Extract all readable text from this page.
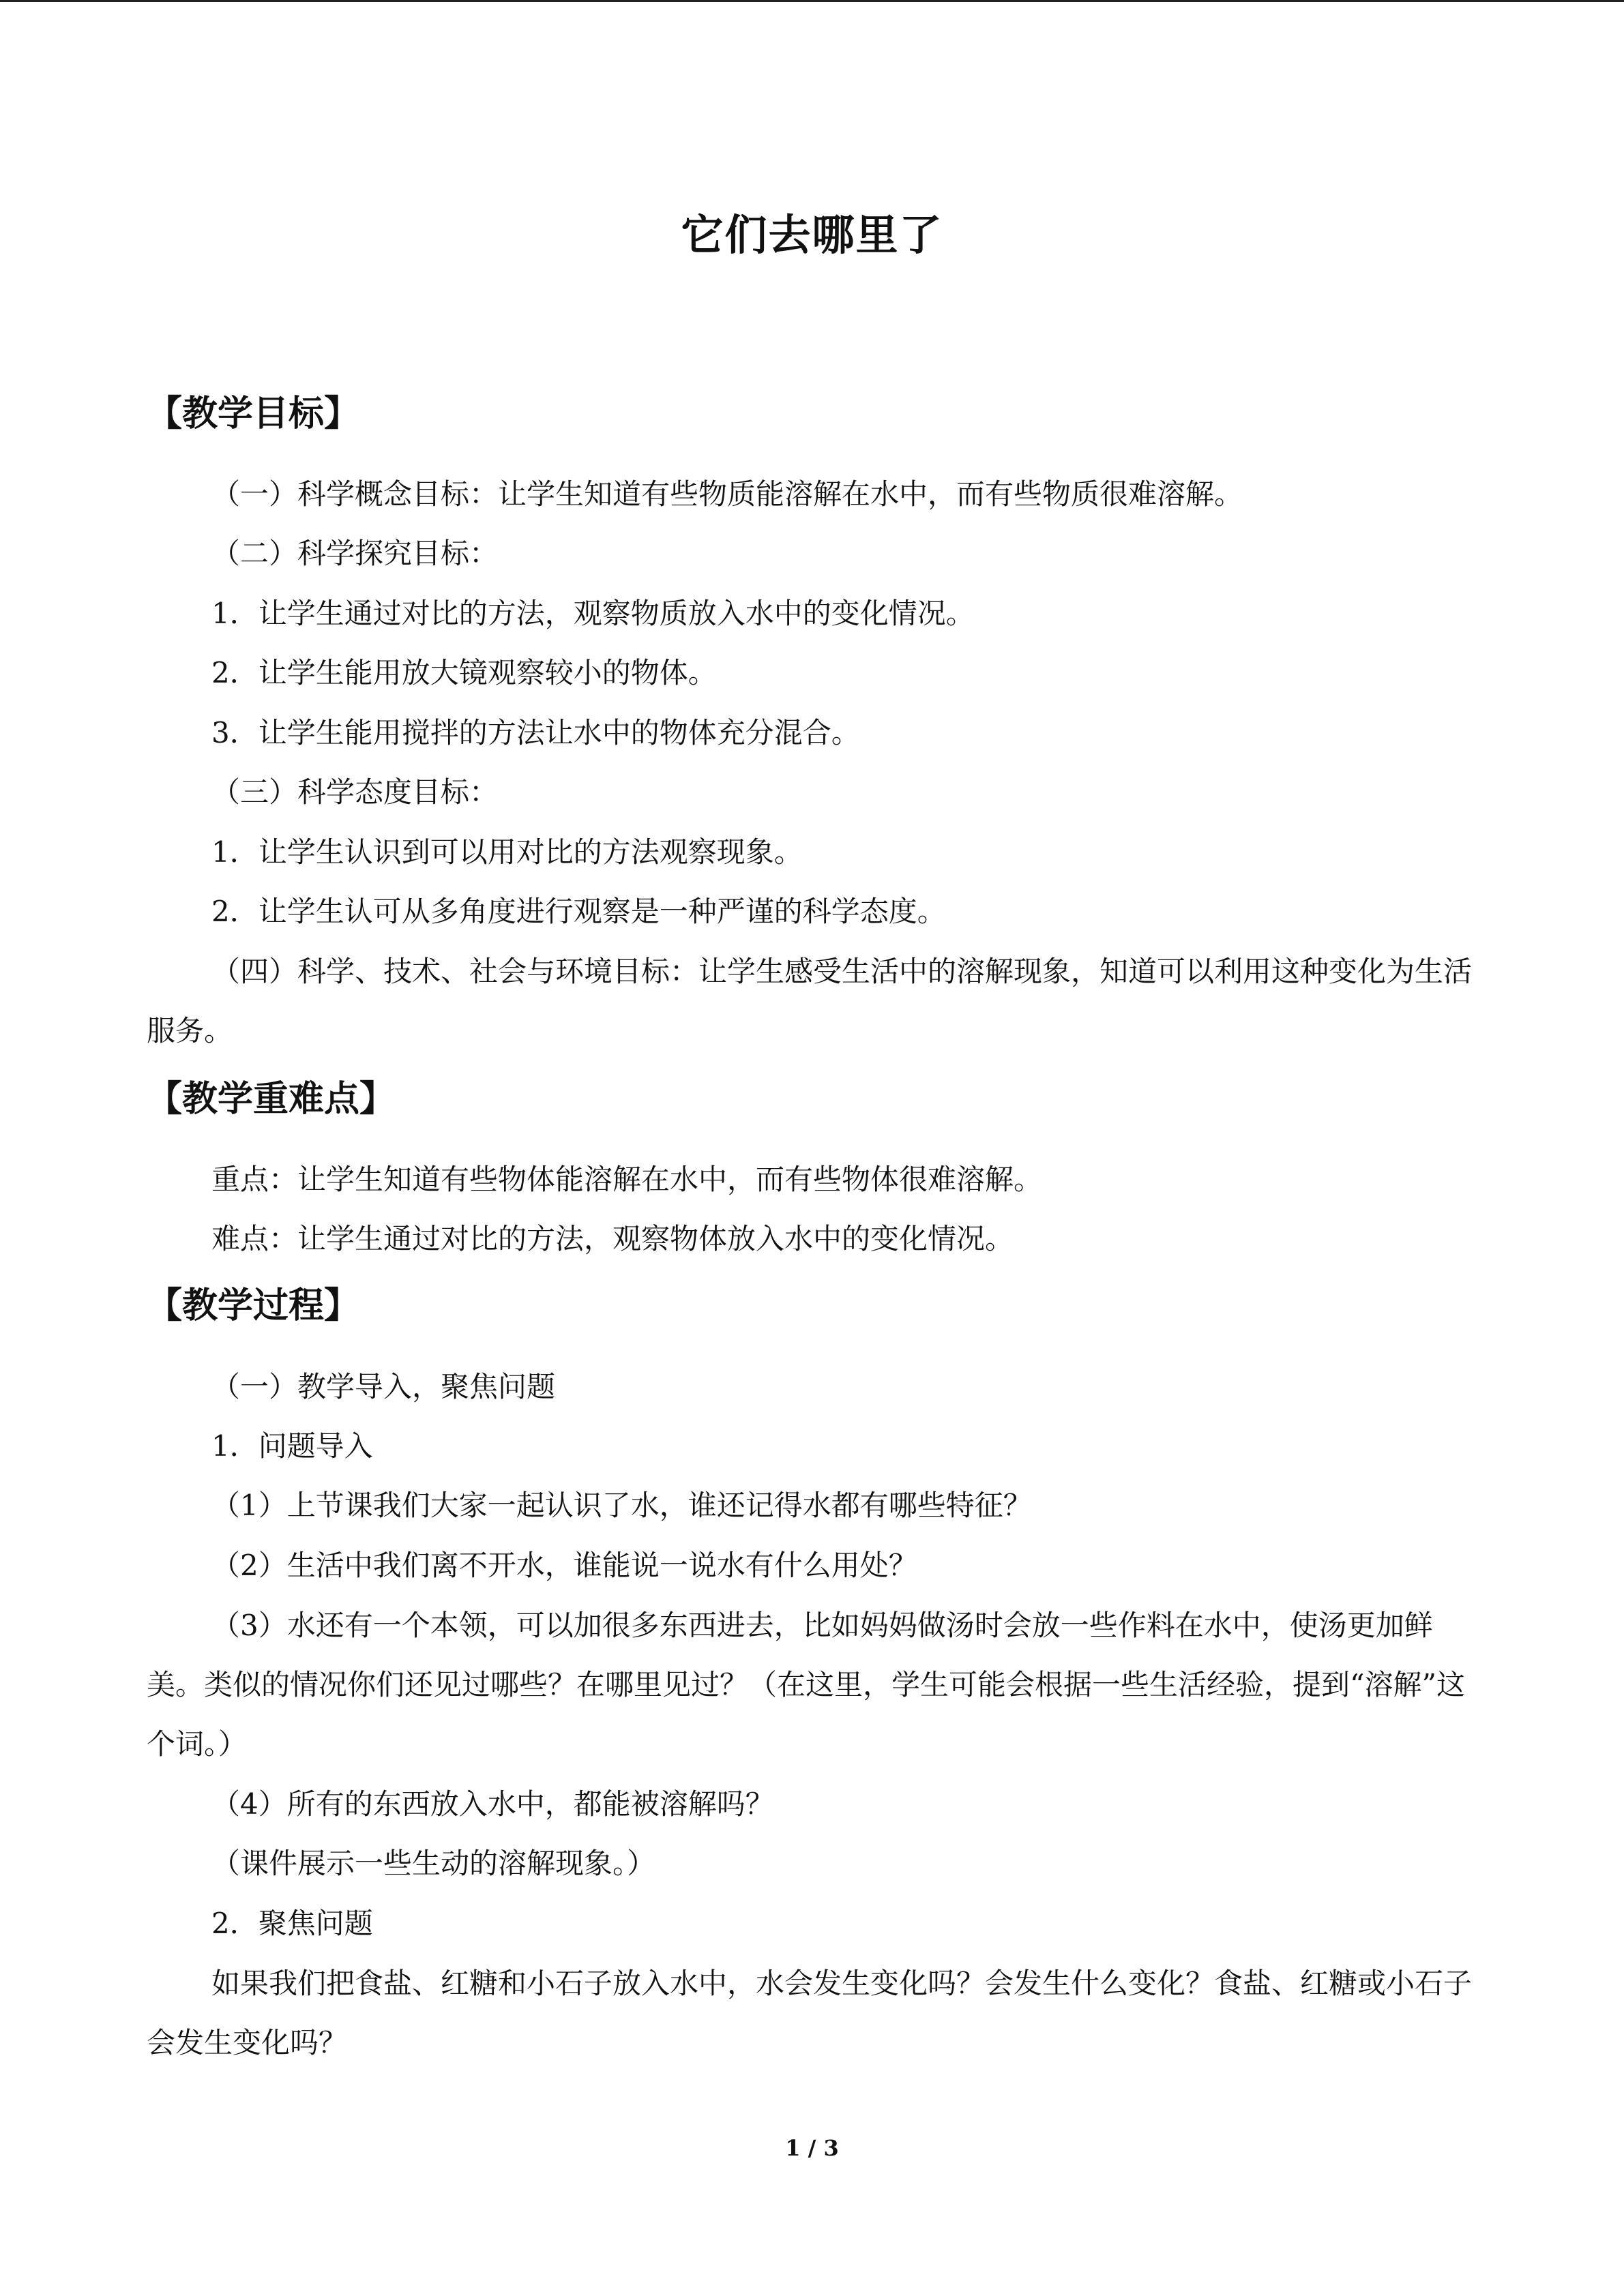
它们去哪里了
【教学目标】
（一）科学概念目标：让学生知道有些物质能溶解在水中，而有些物质很难溶解。
（二）科学探究目标：
1．让学生通过对比的方法，观察物质放入水中的变化情况。
2．让学生能用放大镜观察较小的物体。
3．让学生能用搅拌的方法让水中的物体充分混合。
（三）科学态度目标：
1．让学生认识到可以用对比的方法观察现象。
2．让学生认可从多角度进行观察是一种严谨的科学态度。
（四）科学、技术、社会与环境目标：让学生感受生活中的溶解现象，知道可以利用这种变化为生活服务。
【教学重难点】
重点：让学生知道有些物体能溶解在水中，而有些物体很难溶解。
难点：让学生通过对比的方法，观察物体放入水中的变化情况。
【教学过程】
（一）教学导入，聚焦问题
1．问题导入
（1）上节课我们大家一起认识了水，谁还记得水都有哪些特征？
（2）生活中我们离不开水，谁能说一说水有什么用处？
（3）水还有一个本领，可以加很多东西进去，比如妈妈做汤时会放一些作料在水中，使汤更加鲜美。类似的情况你们还见过哪些？在哪里见过？（在这里，学生可能会根据一些生活经验，提到“溶解”这个词。）
（4）所有的东西放入水中，都能被溶解吗？
（课件展示一些生动的溶解现象。）
2．聚焦问题
如果我们把食盐、红糖和小石子放入水中，水会发生变化吗？会发生什么变化？食盐、红糖或小石子会发生变化吗？
1 / 3
